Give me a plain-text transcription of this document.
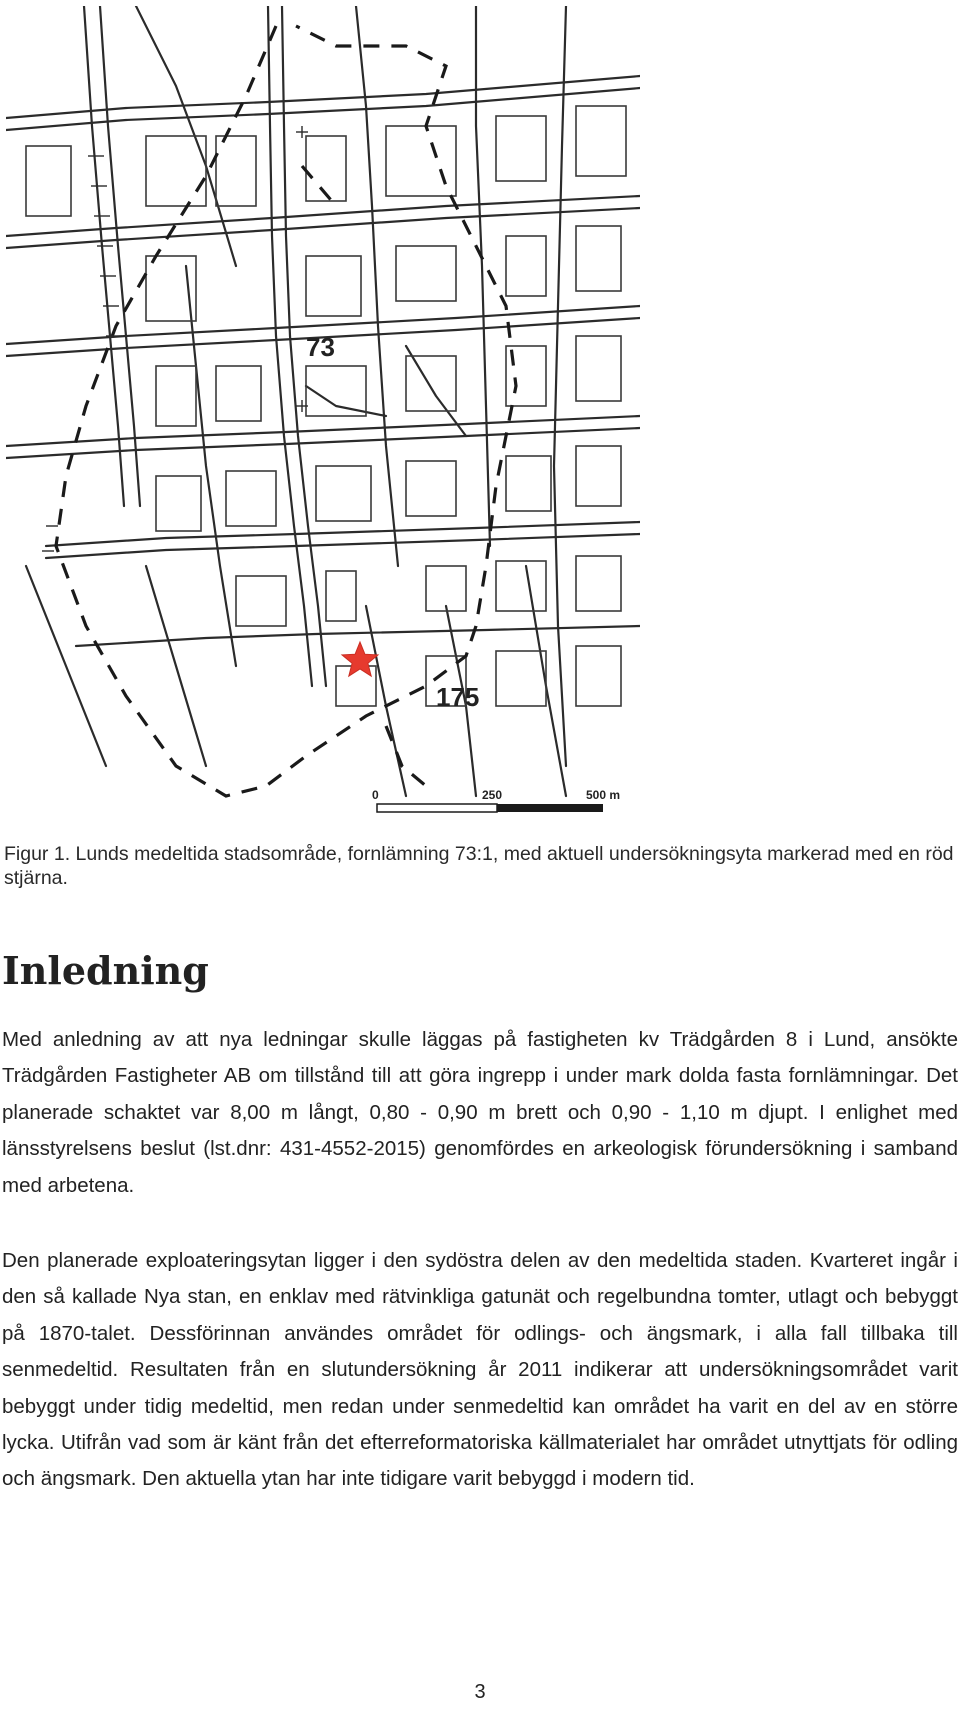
73
175
0	250	500 m
Figur 1. Lunds medeltida stadsområde, fornlämning 73:1, med aktuell undersökningsyta markerad med en röd stjärna.
Inledning

Med anledning av att nya ledningar skulle läggas på fastigheten kv Trädgården 8 i Lund, ansökte Trädgården Fastigheter AB om tillstånd till att göra ingrepp i under mark dolda fasta fornlämningar. Det planerade schaktet var 8,00 m långt, 0,80 - 0,90 m brett och 0,90 - 1,10 m djupt. I enlighet med länsstyrelsens beslut (lst.dnr: 431-4552-2015) genomfördes en arkeologisk förundersökning i samband med arbetena.

Den planerade exploateringsytan ligger i den sydöstra delen av den medeltida staden. Kvarteret ingår i den så kallade Nya stan, en enklav med rätvinkliga gatunät och regelbundna tomter, utlagt och bebyggt på 1870-talet. Dessförinnan användes området för odlings- och ängsmark, i alla fall tillbaka till senmedeltid. Resultaten från en slutundersökning år 2011 indikerar att undersökningsområdet varit bebyggt under tidig medeltid, men redan under senmedeltid kan området ha varit en del av en större lycka. Utifrån vad som är känt från det efterreformatoriska källmaterialet har området utnyttjats för odling och ängsmark. Den aktuella ytan har inte tidigare varit bebyggd i modern tid.

3
